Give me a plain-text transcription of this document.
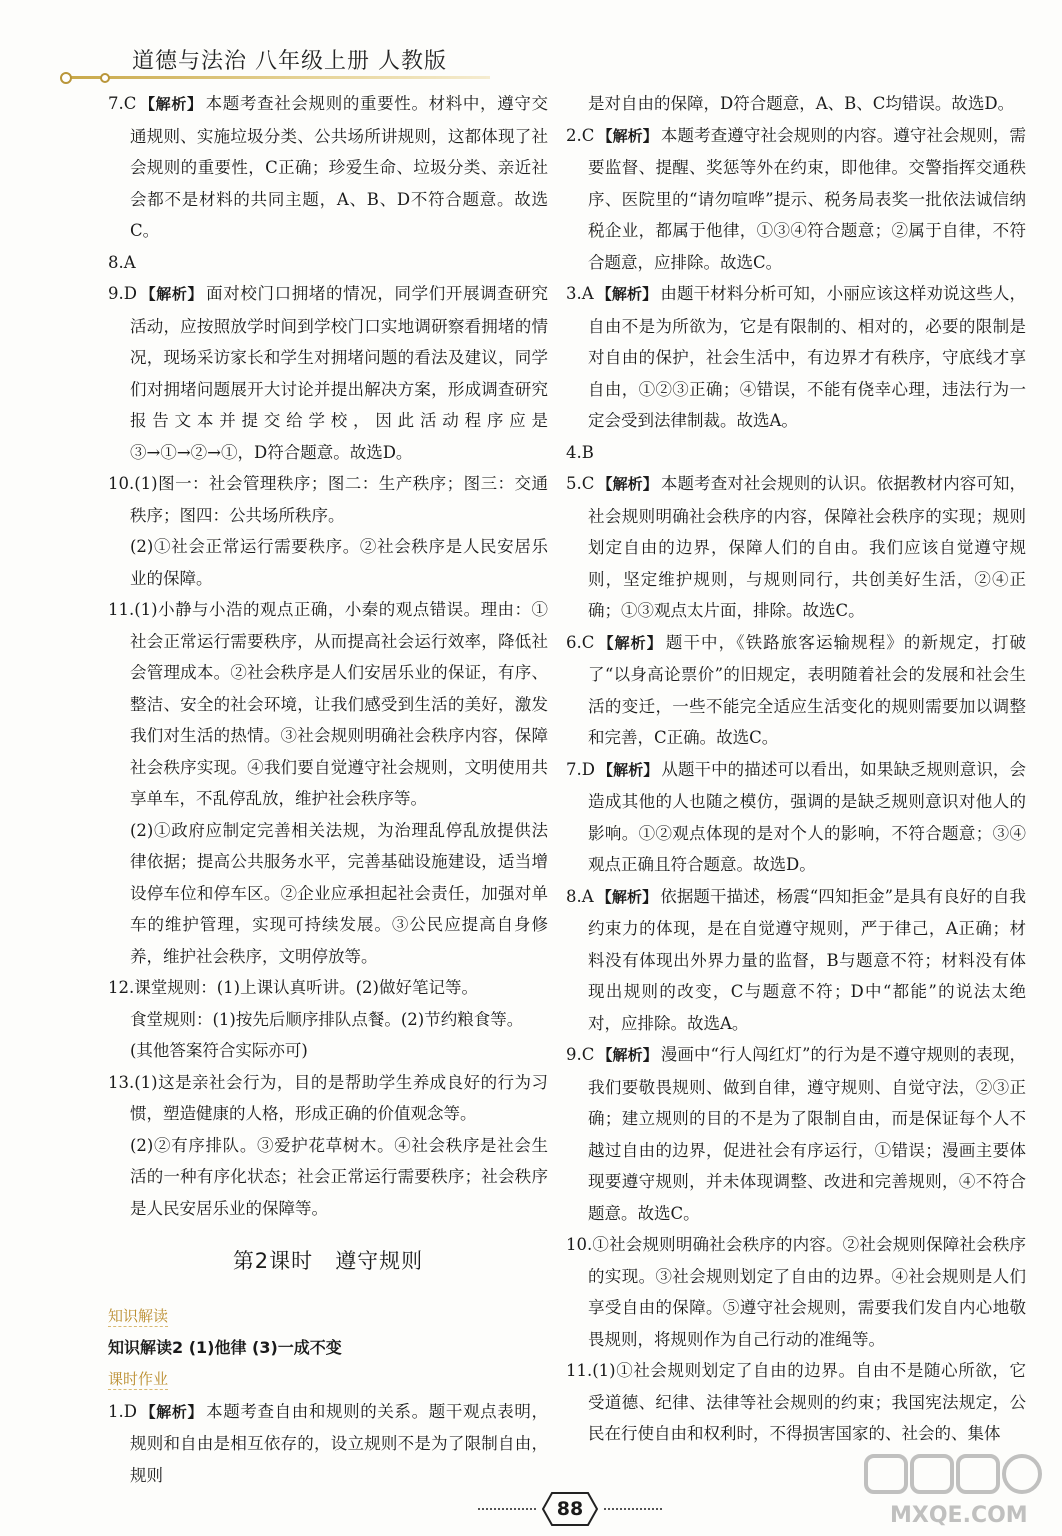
道德与法治 八年级上册 人教版

7.C 【解析】 本题考查社会规则的重要性。材料中，遵守交通规则、实施垃圾分类、公共场所讲规则，这都体现了社会规则的重要性，C正确；珍爱生命、垃圾分类、亲近社会都不是材料的共同主题，A、B、D不符合题意。故选C。

8.A

9.D 【解析】 面对校门口拥堵的情况，同学们开展调查研究活动，应按照放学时间到学校门口实地调研察看拥堵的情况，现场采访家长和学生对拥堵问题的看法及建议，同学们对拥堵问题展开大讨论并提出解决方案，形成调查研究报告文本并提交给学校，因此活动程序应是③→①→②→①，D符合题意。故选D。

10.(1)图一：社会管理秩序；图二：生产秩序；图三：交通秩序；图四：公共场所秩序。

(2)①社会正常运行需要秩序。②社会秩序是人民安居乐业的保障。

11.(1)小静与小浩的观点正确，小秦的观点错误。理由：①社会正常运行需要秩序，从而提高社会运行效率，降低社会管理成本。②社会秩序是人们安居乐业的保证，有序、整洁、安全的社会环境，让我们感受到生活的美好，激发我们对生活的热情。③社会规则明确社会秩序内容，保障社会秩序实现。④我们要自觉遵守社会规则，文明使用共享单车，不乱停乱放，维护社会秩序等。

(2)①政府应制定完善相关法规，为治理乱停乱放提供法律依据；提高公共服务水平，完善基础设施建设，适当增设停车位和停车区。②企业应承担起社会责任，加强对单车的维护管理，实现可持续发展。③公民应提高自身修养，维护社会秩序，文明停放等。

12.课堂规则：(1)上课认真听讲。(2)做好笔记等。

食堂规则：(1)按先后顺序排队点餐。(2)节约粮食等。

(其他答案符合实际亦可)

13.(1)这是亲社会行为，目的是帮助学生养成良好的行为习惯，塑造健康的人格，形成正确的价值观念等。

(2)②有序排队。③爱护花草树木。④社会秩序是社会生活的一种有序化状态；社会正常运行需要秩序；社会秩序是人民安居乐业的保障等。

第2课时 遵守规则
知识解读
知识解读2 (1)他律 (3)一成不变
课时作业

1.D 【解析】 本题考查自由和规则的关系。题干观点表明，规则和自由是相互依存的，设立规则不是为了限制自由，规则

是对自由的保障，D符合题意，A、B、C均错误。故选D。

2.C 【解析】 本题考查遵守社会规则的内容。遵守社会规则，需要监督、提醒、奖惩等外在约束，即他律。交警指挥交通秩序、医院里的“请勿喧哗”提示、税务局表奖一批依法诚信纳税企业，都属于他律，①③④符合题意；②属于自律，不符合题意，应排除。故选C。

3.A 【解析】 由题干材料分析可知，小丽应该这样劝说这些人，自由不是为所欲为，它是有限制的、相对的，必要的限制是对自由的保护，社会生活中，有边界才有秩序，守底线才享自由，①②③正确；④错误，不能有侥幸心理，违法行为一定会受到法律制裁。故选A。

4.B

5.C 【解析】 本题考查对社会规则的认识。依据教材内容可知，社会规则明确社会秩序的内容，保障社会秩序的实现；规则划定自由的边界，保障人们的自由。我们应该自觉遵守规则，坚定维护规则，与规则同行，共创美好生活，②④正确；①③观点太片面，排除。故选C。

6.C 【解析】 题干中，《铁路旅客运输规程》的新规定，打破了“以身高论票价”的旧规定，表明随着社会的发展和社会生活的变迁，一些不能完全适应生活变化的规则需要加以调整和完善，C正确。故选C。

7.D 【解析】 从题干中的描述可以看出，如果缺乏规则意识，会造成其他的人也随之模仿，强调的是缺乏规则意识对他人的影响。①②观点体现的是对个人的影响，不符合题意；③④观点正确且符合题意。故选D。

8.A 【解析】 依据题干描述，杨震“四知拒金”是具有良好的自我约束力的体现，是在自觉遵守规则，严于律己，A正确；材料没有体现出外界力量的监督，B与题意不符；材料没有体现出规则的改变，C与题意不符；D中“都能”的说法太绝对，应排除。故选A。

9.C 【解析】 漫画中“行人闯红灯”的行为是不遵守规则的表现，我们要敬畏规则、做到自律，遵守规则、自觉守法，②③正确；建立规则的目的不是为了限制自由，而是保证每个人不越过自由的边界，促进社会有序运行，①错误；漫画主要体现要遵守规则，并未体现调整、改进和完善规则，④不符合题意。故选C。

10.①社会规则明确社会秩序的内容。②社会规则保障社会秩序的实现。③社会规则划定了自由的边界。④社会规则是人们享受自由的保障。⑤遵守社会规则，需要我们发自内心地敬畏规则，将规则作为自己行动的准绳等。

11.(1)①社会规则划定了自由的边界。自由不是随心所欲，它受道德、纪律、法律等社会规则的约束；我国宪法规定，公民在行使自由和权利时，不得损害国家的、社会的、集体

88	MXQE.COM
